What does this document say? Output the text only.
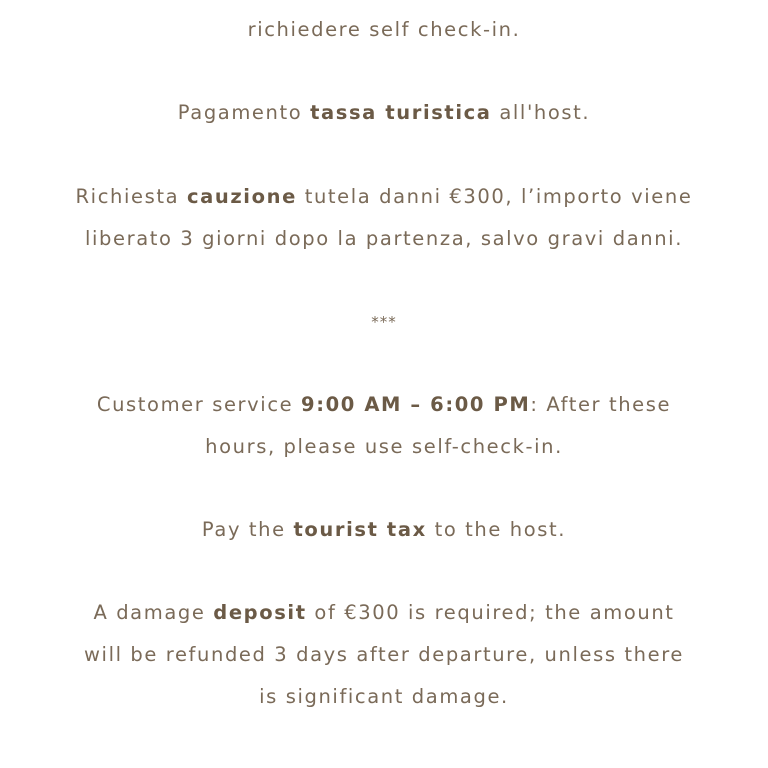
richiedere self check-in.

Pagamento tassa turistica all'host.

Richiesta cauzione tutela danni €300, l’importo viene
liberato 3 giorni dopo la partenza, salvo gravi danni.

***

Customer service 9:00 AM – 6:00 PM: After these
hours, please use self-check-in.

Pay the tourist tax to the host.

A damage deposit of €300 is required; the amount
will be refunded 3 days after departure, unless there
is significant damage.
